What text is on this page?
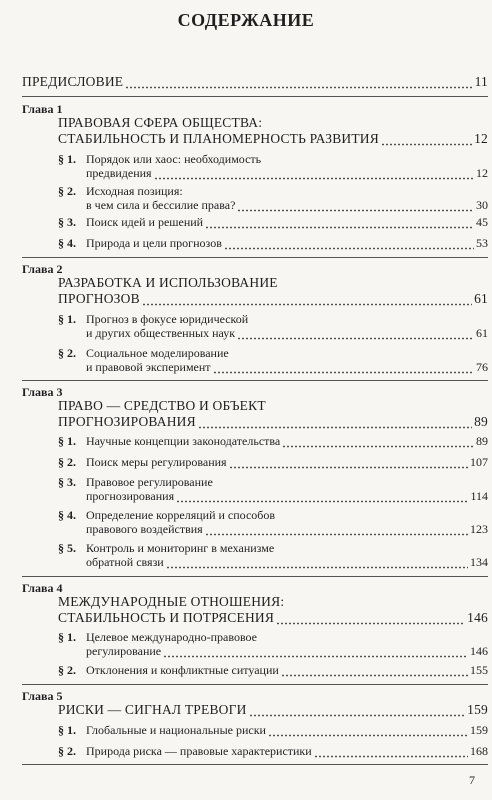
СОДЕРЖАНИЕ
ПРЕДИСЛОВИЕ	11
Глава 1
ПРАВОВАЯ СФЕРА ОБЩЕСТВА:
СТАБИЛЬНОСТЬ И ПЛАНОМЕРНОСТЬ РАЗВИТИЯ	12
§ 1. Порядок или хаос: необходимость
предвидения	12
§ 2. Исходная позиция:
в чем сила и бессилие права?	30
§ 3. Поиск идей и решений	45
§ 4. Природа и цели прогнозов	53
Глава 2
РАЗРАБОТКА И ИСПОЛЬЗОВАНИЕ
ПРОГНОЗОВ	61
§ 1. Прогноз в фокусе юридической
и других общественных наук	61
§ 2. Социальное моделирование
и правовой эксперимент	76
Глава 3
ПРАВО — СРЕДСТВО И ОБЪЕКТ
ПРОГНОЗИРОВАНИЯ	89
§ 1. Научные концепции законодательства	89
§ 2. Поиск меры регулирования	107
§ 3. Правовое регулирование
прогнозирования	114
§ 4. Определение корреляций и способов
правового воздействия	123
§ 5. Контроль и мониторинг в механизме
обратной связи	134
Глава 4
МЕЖДУНАРОДНЫЕ ОТНОШЕНИЯ:
СТАБИЛЬНОСТЬ И ПОТРЯСЕНИЯ	146
§ 1. Целевое международно-правовое
регулирование	146
§ 2. Отклонения и конфликтные ситуации	155
Глава 5
РИСКИ — СИГНАЛ ТРЕВОГИ	159
§ 1. Глобальные и национальные риски	159
§ 2. Природа риска — правовые характеристики	168
7
